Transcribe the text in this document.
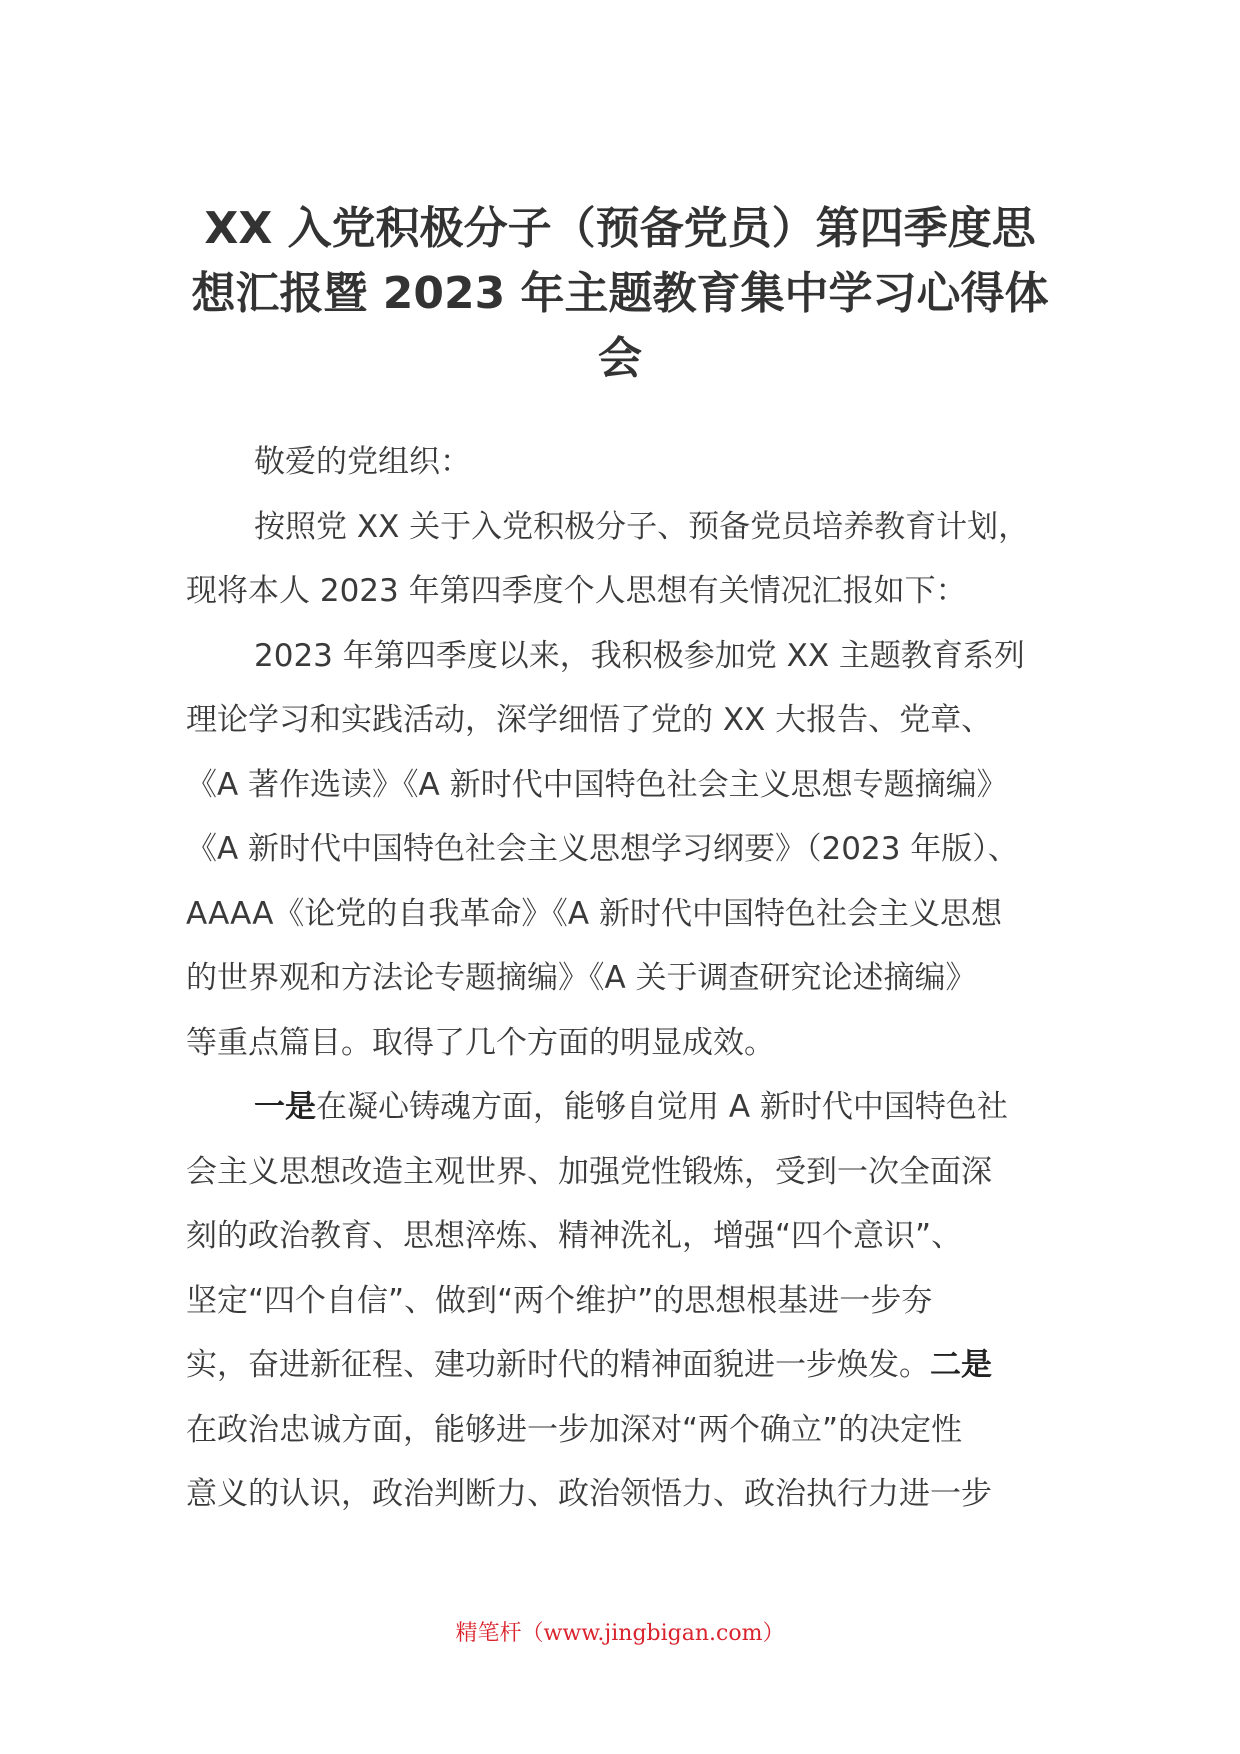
XX 入党积极分子（预备党员）第四季度思
想汇报暨 2023 年主题教育集中学习心得体
会
敬爱的党组织：
按照党 XX 关于入党积极分子、预备党员培养教育计划，
现将本人 2023 年第四季度个人思想有关情况汇报如下：
2023 年第四季度以来，我积极参加党 XX 主题教育系列
理论学习和实践活动，深学细悟了党的 XX 大报告、党章、
《A 著作选读》《A 新时代中国特色社会主义思想专题摘编》
《A 新时代中国特色社会主义思想学习纲要》（2023 年版）、
AAAA《论党的自我革命》《A 新时代中国特色社会主义思想
的世界观和方法论专题摘编》《A 关于调查研究论述摘编》
等重点篇目。取得了几个方面的明显成效。
一是在凝心铸魂方面，能够自觉用 A 新时代中国特色社
会主义思想改造主观世界、加强党性锻炼，受到一次全面深
刻的政治教育、思想淬炼、精神洗礼，增强“四个意识”、
坚定“四个自信”、做到“两个维护”的思想根基进一步夯
实，奋进新征程、建功新时代的精神面貌进一步焕发。二是
在政治忠诚方面，能够进一步加深对“两个确立”的决定性
意义的认识，政治判断力、政治领悟力、政治执行力进一步
精笔杆（www.jingbigan.com）
